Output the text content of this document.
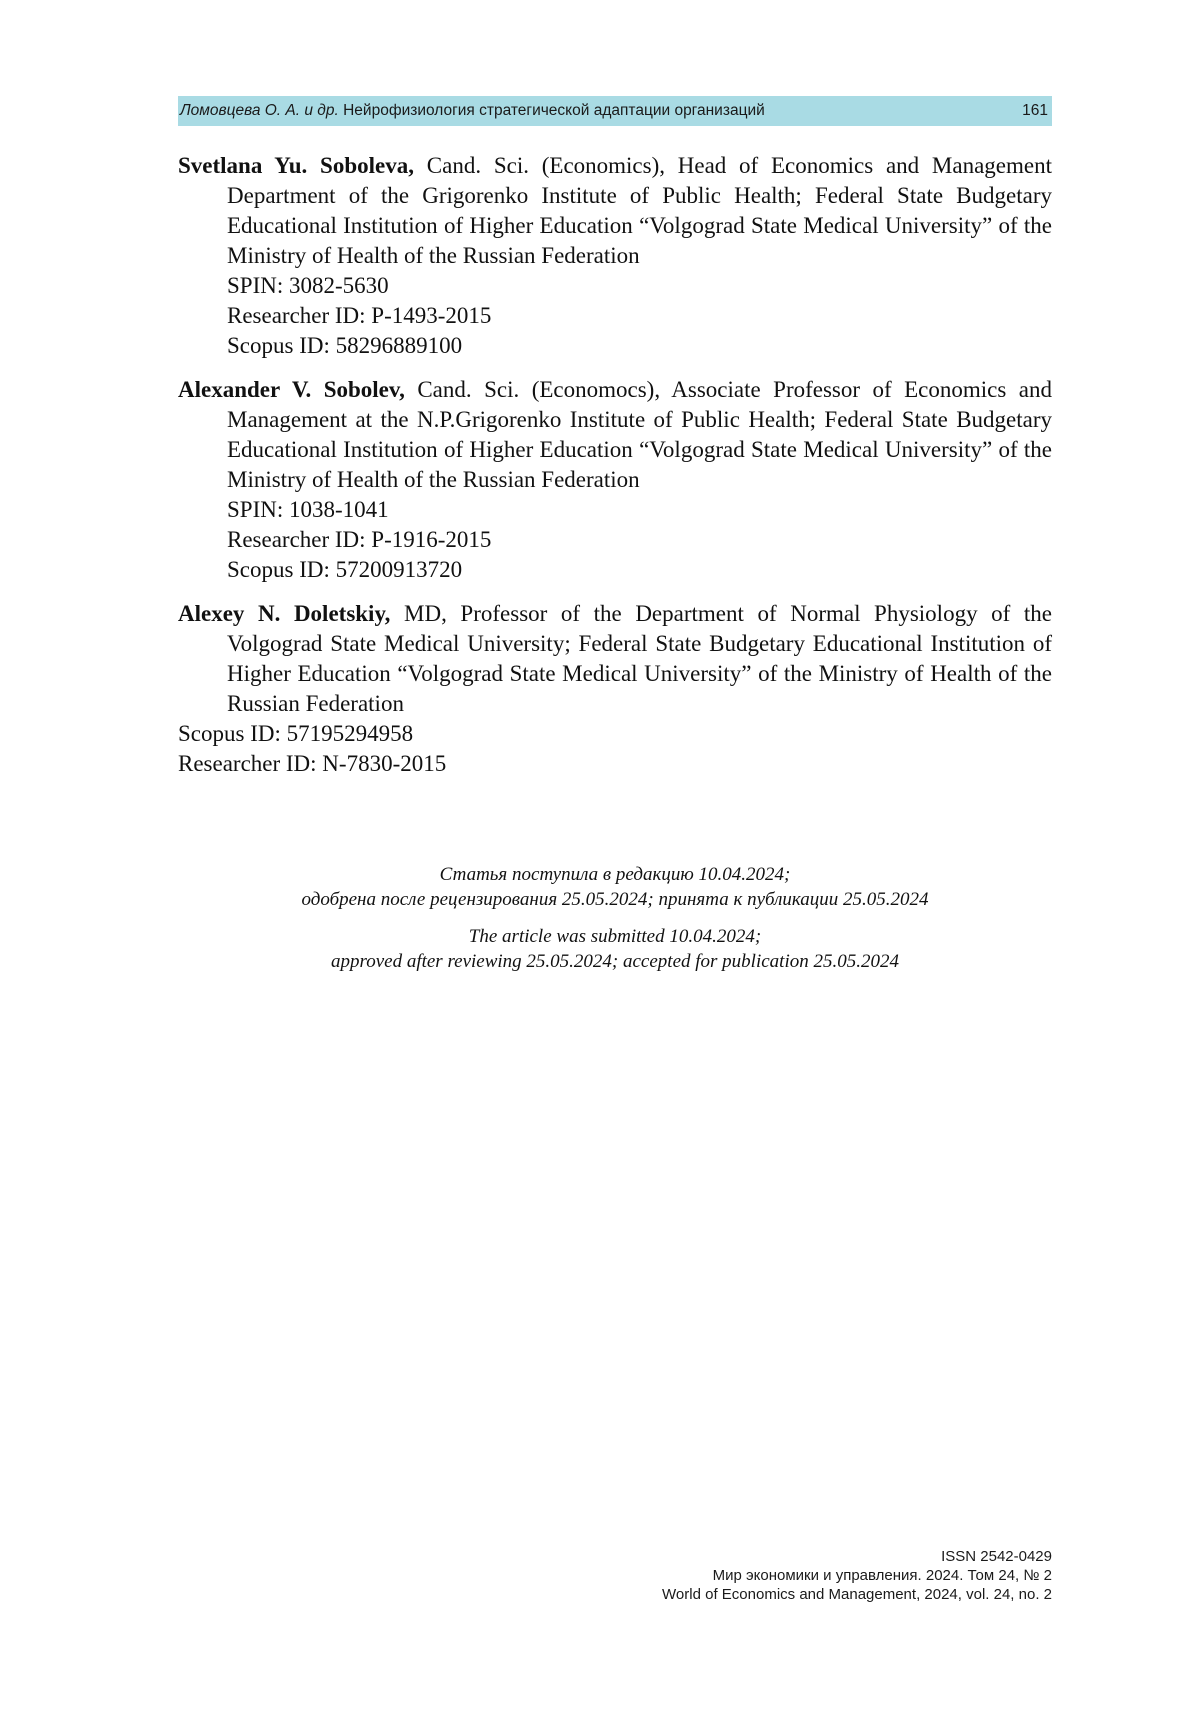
Ломовцева О. А. и др. Нейрофизиология стратегической адаптации организаций	161
Svetlana Yu. Soboleva, Cand. Sci. (Economics), Head of Economics and Management Department of the Grigorenko Institute of Public Health; Federal State Budgetary Educational Institution of Higher Education “Volgograd State Medical University” of the Ministry of Health of the Russian Federation
SPIN: 3082-5630
Researcher ID: P-1493-2015
Scopus ID: 58296889100
Alexander V. Sobolev, Cand. Sci. (Economocs), Associate Professor of Economics and Management at the N.P.Grigorenko Institute of Public Health; Federal State Budgetary Educational Institution of Higher Education “Volgograd State Medical University” of the Ministry of Health of the Russian Federation
SPIN: 1038-1041
Researcher ID: P-1916-2015
Scopus ID: 57200913720
Alexey N. Doletskiy, MD, Professor of the Department of Normal Physiology of the Volgograd State Medical University; Federal State Budgetary Educational Institution of Higher Education “Volgograd State Medical University” of the Ministry of Health of the Russian Federation
Scopus ID: 57195294958
Researcher ID: N-7830-2015
Статья поступила в редакцию 10.04.2024;
одобрена после рецензирования 25.05.2024; принята к публикации 25.05.2024
The article was submitted 10.04.2024;
approved after reviewing 25.05.2024; accepted for publication 25.05.2024
ISSN 2542-0429
Мир экономики и управления. 2024. Том 24, № 2
World of Economics and Management, 2024, vol. 24, no. 2
